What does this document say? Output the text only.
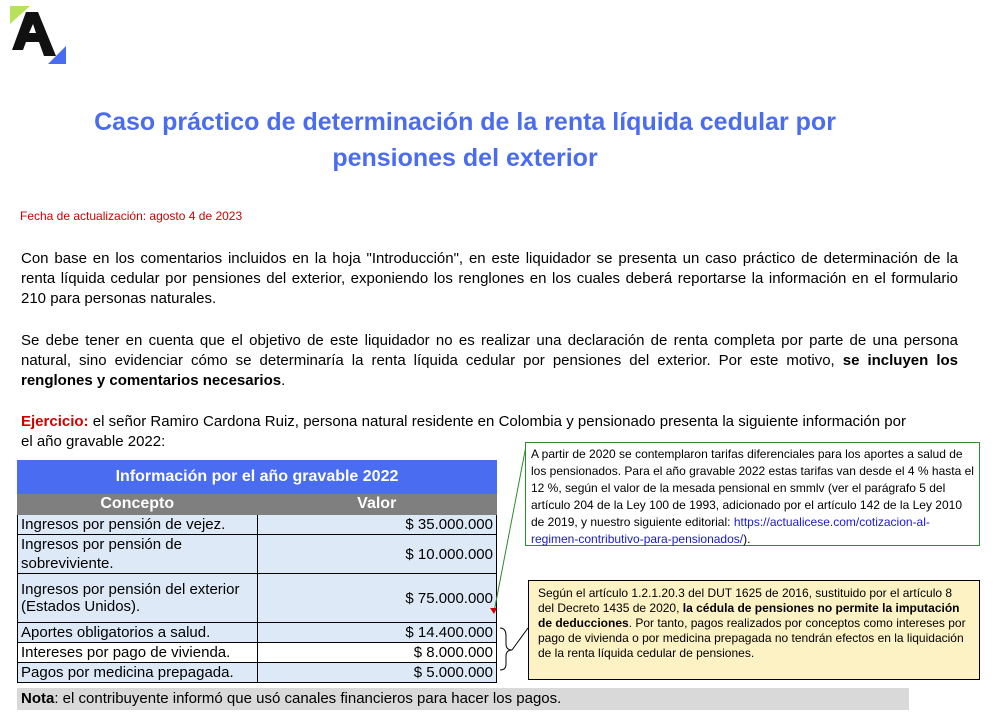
Caso práctico de determinación de la renta líquida cedular por pensiones del exterior
Fecha de actualización: agosto 4 de 2023
Con base en los comentarios incluidos en la hoja "Introducción", en este liquidador se presenta un caso práctico de determinación de la renta líquida cedular por pensiones del exterior, exponiendo los renglones en los cuales deberá reportarse la información en el formulario 210 para personas naturales.
Se debe tener en cuenta que el objetivo de este liquidador no es realizar una declaración de renta completa por parte de una persona natural, sino evidenciar cómo se determinaría la renta líquida cedular por pensiones del exterior. Por este motivo, se incluyen los renglones y comentarios necesarios.
Ejercicio: el señor Ramiro Cardona Ruiz, persona natural residente en Colombia y pensionado presenta la siguiente información por el año gravable 2022:
Información por el año gravable 2022	
Concepto	Valor
Ingresos por pensión de vejez.	$ 35.000.000
Ingresos por pensión de sobreviviente.	$ 10.000.000
Ingresos por pensión del exterior (Estados Unidos).	$ 75.000.000
Aportes obligatorios a salud.	$ 14.400.000
Intereses por pago de vivienda.	$ 8.000.000
Pagos por medicina prepagada.	$ 5.000.000
A partir de 2020 se contemplaron tarifas diferenciales para los aportes a salud de los pensionados. Para el año gravable 2022 estas tarifas van desde el 4 % hasta el 12 %, según el valor de la mesada pensional en smmlv (ver el parágrafo 5 del artículo 204 de la Ley 100 de 1993, adicionado por el artículo 142 de la Ley 2010 de 2019, y nuestro siguiente editorial: https://actualicese.com/cotizacion-al-regimen-contributivo-para-pensionados/).
Según el artículo 1.2.1.20.3 del DUT 1625 de 2016, sustituido por el artículo 8 del Decreto 1435 de 2020, la cédula de pensiones no permite la imputación de deducciones. Por tanto, pagos realizados por conceptos como intereses por pago de vivienda o por medicina prepagada no tendrán efectos en la liquidación de la renta líquida cedular de pensiones.
Nota: el contribuyente informó que usó canales financieros para hacer los pagos.
